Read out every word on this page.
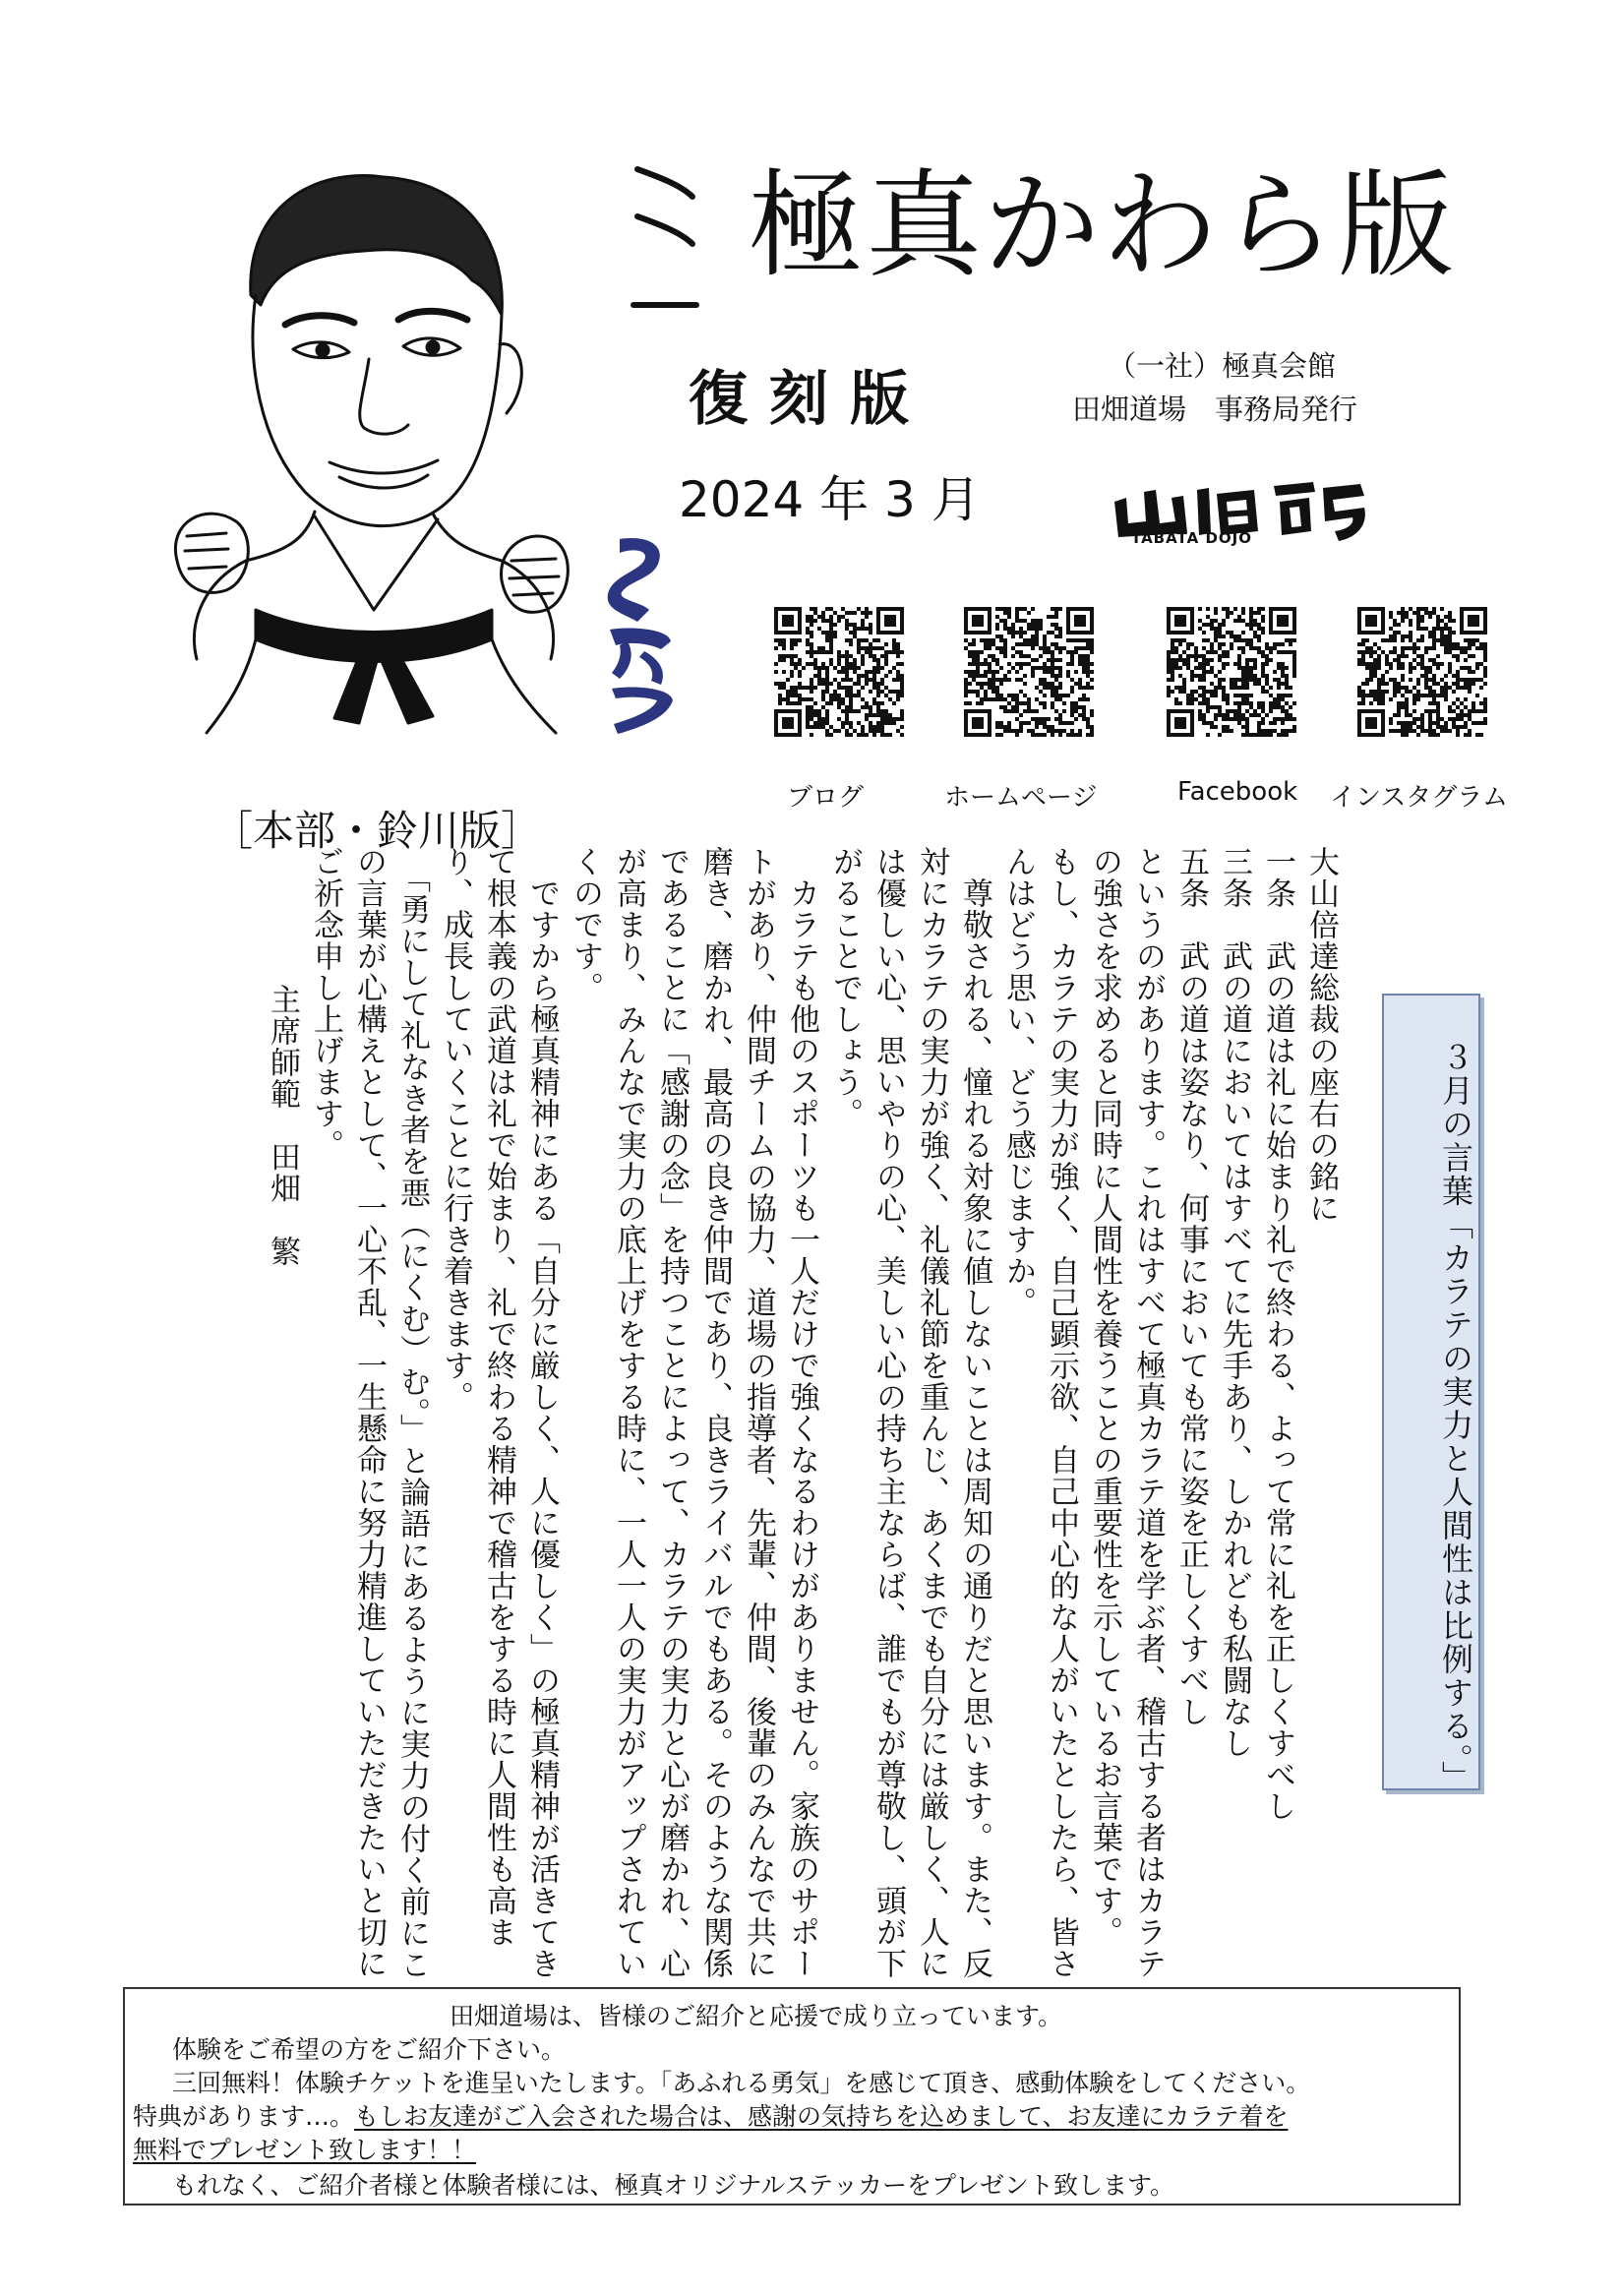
極真かわら版
復刻版	（一社）極真会館
田畑道場　事務局発行
2024 年 3 月
TABATA DOJO
ブログ	ホームページ	Facebook インスタグラム
［本部・鈴川版］

大山倍達総裁の座右の銘に

一条　武の道は礼に始まり礼で終わる、よって常に礼を正しくすべし

三条　武の道においてはすべてに先手あり、しかれども私闘なし

五条　武の道は姿なり、何事においても常に姿を正しくすべし

というのがあります。これはすべて極真カラテ道を学ぶ者、稽古する者はカラテの強さを求めると同時に人間性を養うことの重要性を示しているお言葉です。

もし、カラテの実力が強く、自己顕示欲、自己中心的な人がいたとしたら、皆さんはどう思い、どう感じますか。

　尊敬される、憧れる対象に値しないことは周知の通りだと思います。また、反対にカラテの実力が強く、礼儀礼節を重んじ、あくまでも自分には厳しく、人には優しい心、思いやりの心、美しい心の持ち主ならば、誰でもが尊敬し、頭が下がることでしょう。

　カラテも他のスポーツも一人だけで強くなるわけがありません。家族のサポートがあり、仲間チームの協力、道場の指導者、先輩、仲間、後輩のみんなで共に磨き、磨かれ、最高の良き仲間であり、良きライバルでもある。そのような関係であることに「感謝の念」を持つことによって、カラテの実力と心が磨かれ、心が高まり、みんなで実力の底上げをする時に、一人一人の実力がアップされていくのです。

　ですから極真精神にある「自分に厳しく、人に優しく」の極真精神が活きてきて根本義の武道は礼で始まり、礼で終わる精神で稽古をする時に人間性も高まり、成長していくことに行き着きます。

　「勇にして礼なき者を悪（にくむ）む。」と論語にあるように実力の付く前にこの言葉が心構えとして、一心不乱、一生懸命に努力精進していただきたいと切にご祈念申し上げます。

主席師範　田畑　繁	３月の言葉「カラテの実力と人間性は比例する。」
田畑道場は、皆様のご紹介と応援で成り立っています。
体験をご希望の方をご紹介下さい。
三回無料！体験チケットを進呈いたします。「あふれる勇気」を感じて頂き、感動体験をしてください。
特典があります…。もしお友達がご入会された場合は、感謝の気持ちを込めまして、お友達にカラテ着を
無料でプレゼント致します！！
もれなく、ご紹介者様と体験者様には、極真オリジナルステッカーをプレゼント致します。
